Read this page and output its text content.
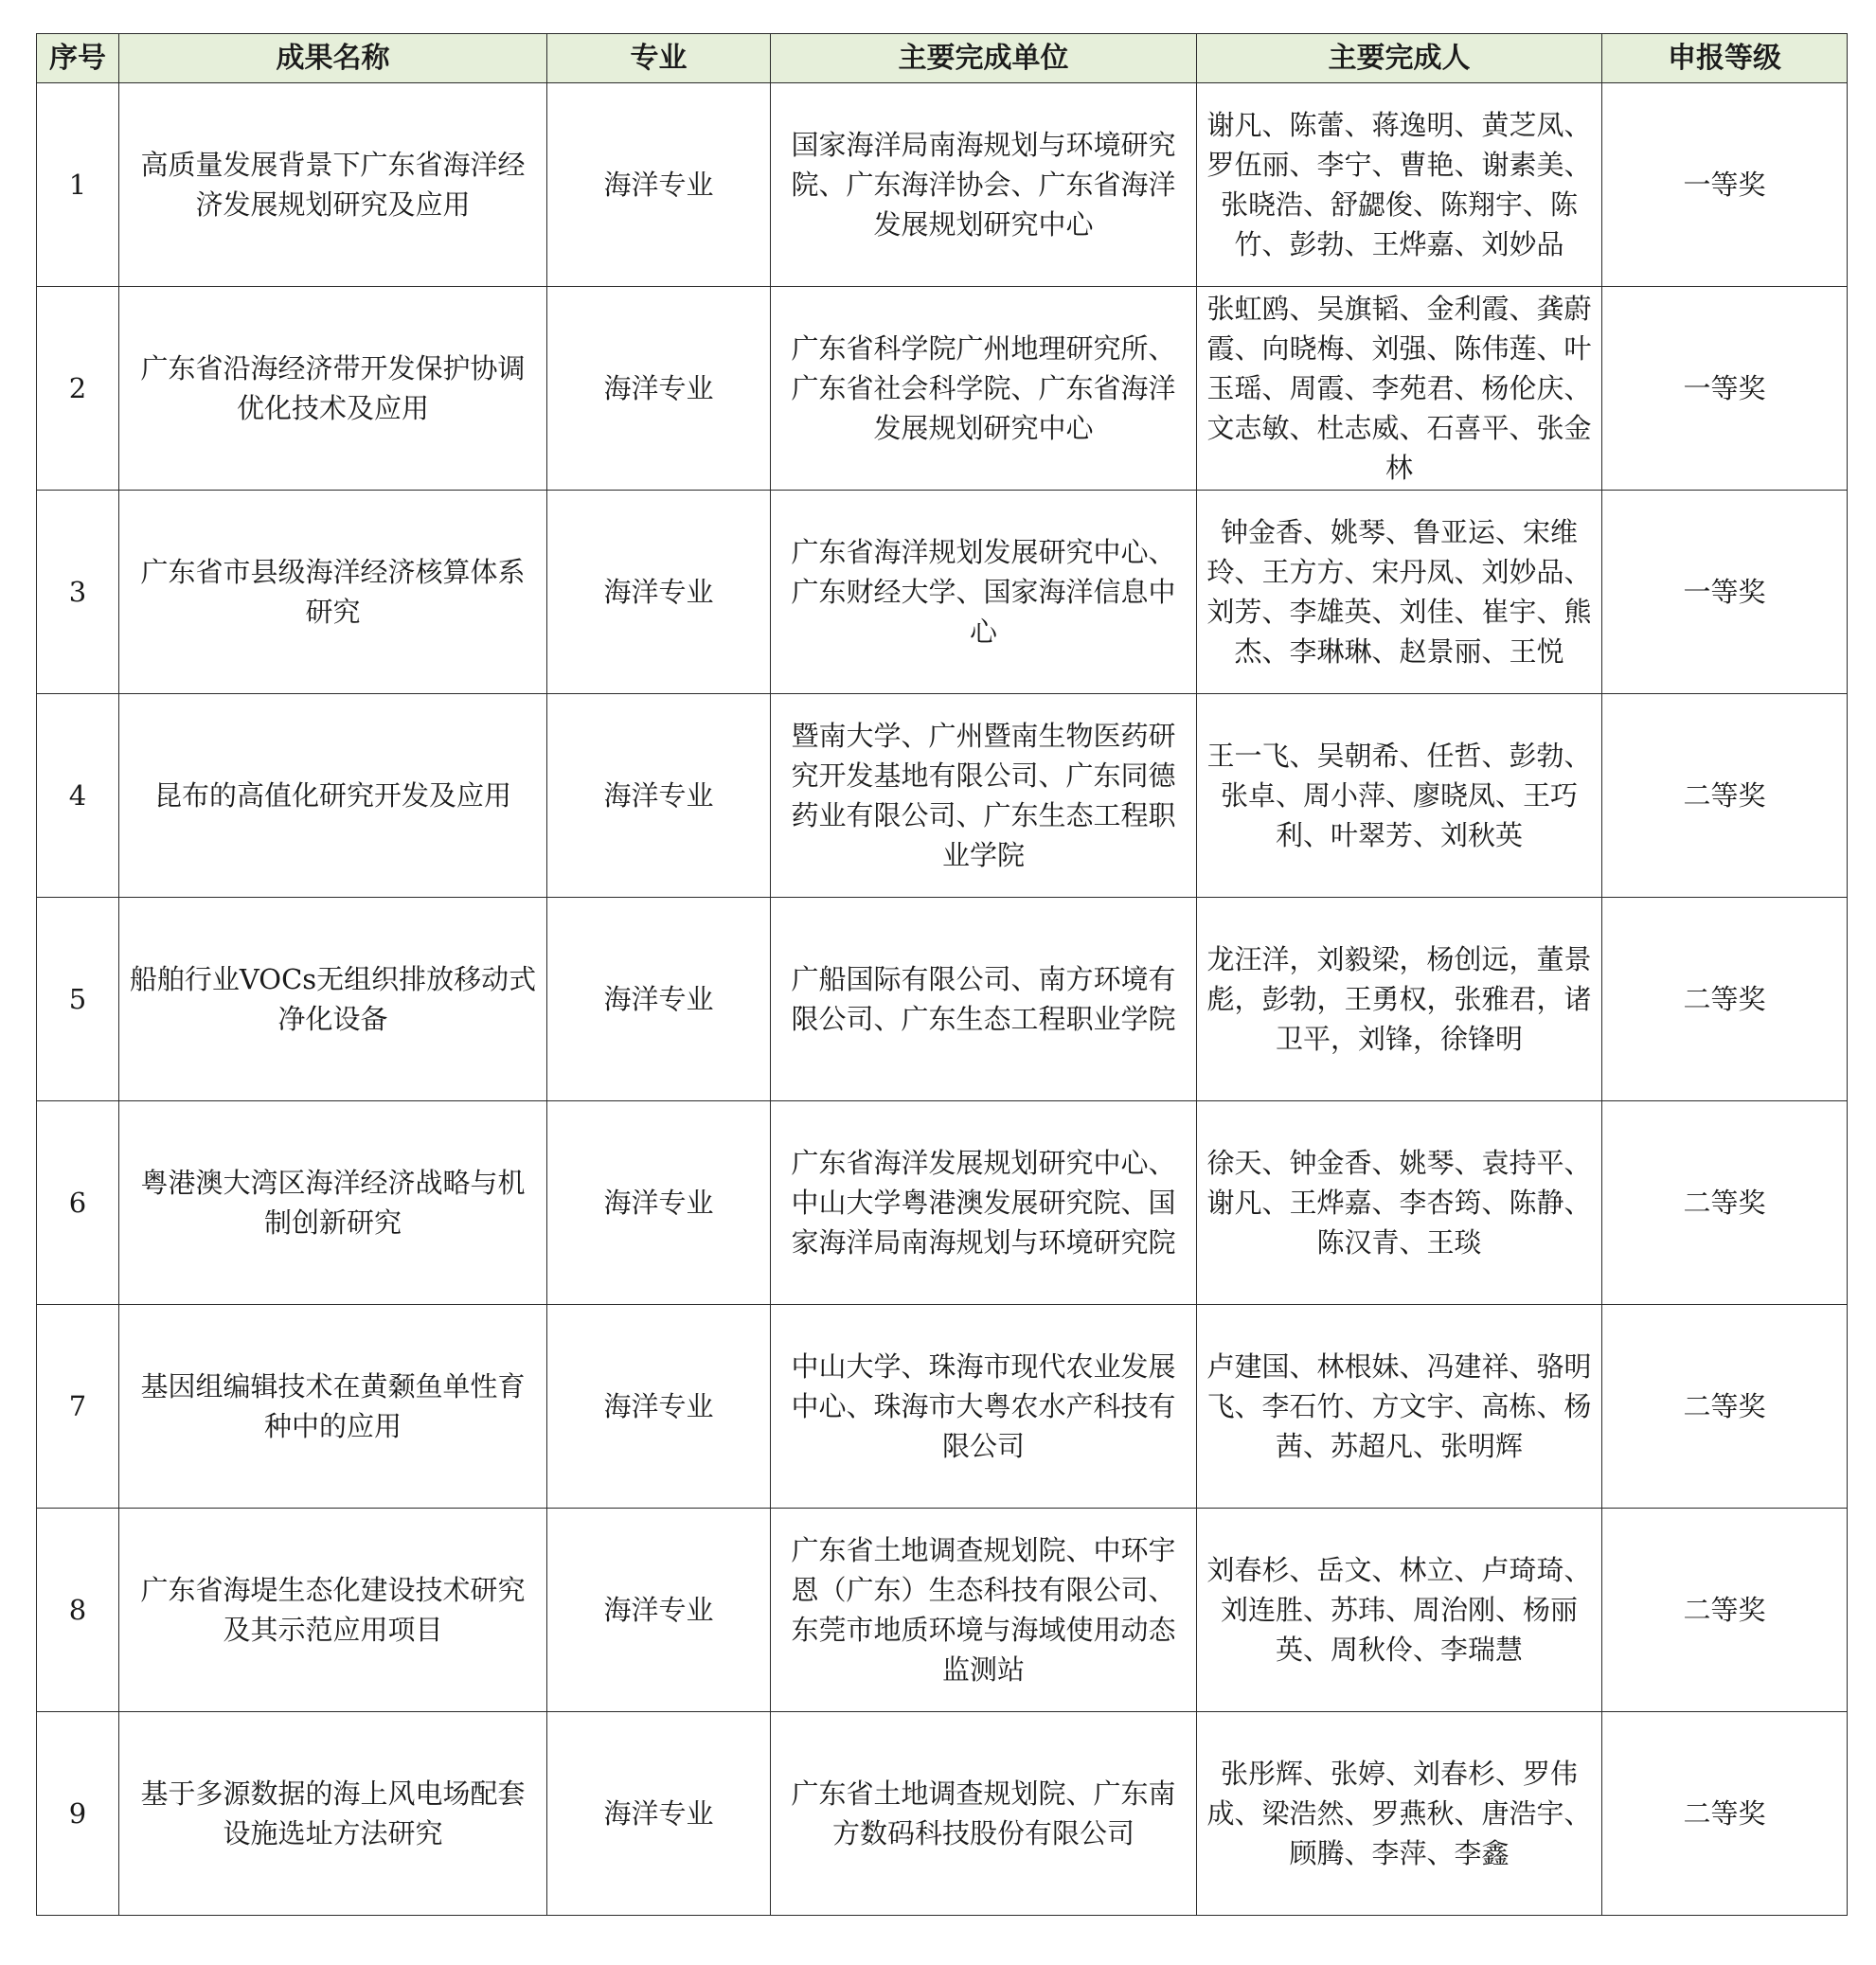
序号	成果名称	专业	主要完成单位	主要完成人	申报等级
1	高质量发展背景下广东省海洋经济发展规划研究及应用	海洋专业	国家海洋局南海规划与环境研究院、广东海洋协会、广东省海洋发展规划研究中心	谢凡、陈蕾、蒋逸明、黄芝凤、罗伍丽、李宁、曹艳、谢素美、张晓浩、舒勰俊、陈翔宇、陈竹、彭勃、王烨嘉、刘妙品	一等奖
2	广东省沿海经济带开发保护协调优化技术及应用	海洋专业	广东省科学院广州地理研究所、广东省社会科学院、广东省海洋发展规划研究中心	张虹鸥、吴旗韬、金利霞、龚蔚霞、向晓梅、刘强、陈伟莲、叶玉瑶、周霞、李苑君、杨伦庆、文志敏、杜志威、石喜平、张金林	一等奖
3	广东省市县级海洋经济核算体系研究	海洋专业	广东省海洋规划发展研究中心、广东财经大学、国家海洋信息中心	钟金香、姚琴、鲁亚运、宋维玲、王方方、宋丹凤、刘妙品、刘芳、李雄英、刘佳、崔宇、熊杰、李琳琳、赵景丽、王悦	一等奖
4	昆布的高值化研究开发及应用	海洋专业	暨南大学、广州暨南生物医药研究开发基地有限公司、广东同德药业有限公司、广东生态工程职业学院	王一飞、吴朝希、任哲、彭勃、张卓、周小萍、廖晓凤、王巧利、叶翠芳、刘秋英	二等奖
5	船舶行业VOCs无组织排放移动式净化设备	海洋专业	广船国际有限公司、南方环境有限公司、广东生态工程职业学院	龙汪洋，刘毅梁，杨创远，董景彪，彭勃，王勇权，张雅君，诸卫平，刘锋，徐锋明	二等奖
6	粤港澳大湾区海洋经济战略与机制创新研究	海洋专业	广东省海洋发展规划研究中心、中山大学粤港澳发展研究院、国家海洋局南海规划与环境研究院	徐天、钟金香、姚琴、袁持平、谢凡、王烨嘉、李杏筠、陈静、陈汉青、王琰	二等奖
7	基因组编辑技术在黄颡鱼单性育种中的应用	海洋专业	中山大学、珠海市现代农业发展中心、珠海市大粤农水产科技有限公司	卢建国、林根妹、冯建祥、骆明飞、李石竹、方文宇、高栋、杨茜、苏超凡、张明辉	二等奖
8	广东省海堤生态化建设技术研究及其示范应用项目	海洋专业	广东省土地调查规划院、中环宇恩（广东）生态科技有限公司、东莞市地质环境与海域使用动态监测站	刘春杉、岳文、林立、卢琦琦、刘连胜、苏玮、周治刚、杨丽英、周秋伶、李瑞慧	二等奖
9	基于多源数据的海上风电场配套设施选址方法研究	海洋专业	广东省土地调查规划院、广东南方数码科技股份有限公司	张彤辉、张婷、刘春杉、罗伟成、梁浩然、罗燕秋、唐浩宇、顾腾、李萍、李鑫	二等奖
